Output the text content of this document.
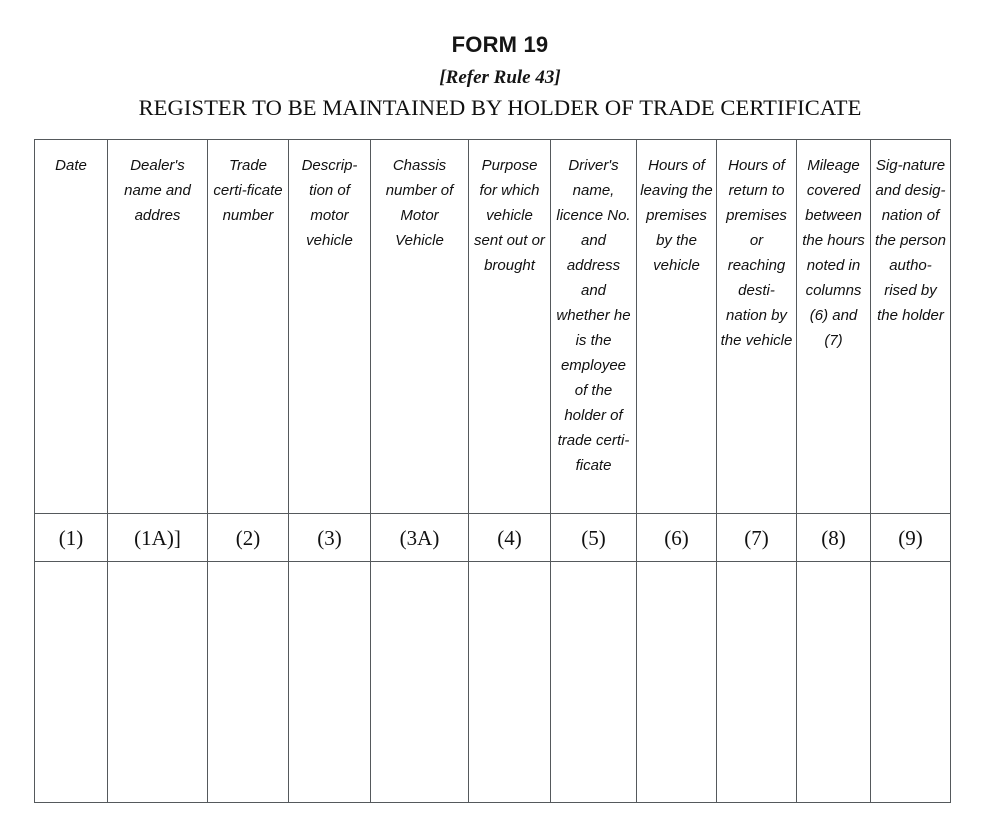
FORM 19
[Refer Rule 43]
REGISTER TO BE MAINTAINED BY HOLDER OF TRADE CERTIFICATE
Date	Dealer's name and addres	Trade certi-ficate number	Descrip-tion of motor vehicle	Chassis number of Motor Vehicle	Purpose for which vehicle sent out or brought	Driver's name, licence No. and address and whether he is the employee of the holder of trade certi-ficate	Hours of leaving the premises by the vehicle	Hours of return to premises or reaching desti-nation by the vehicle	Mileage covered between the hours noted in columns (6) and (7)	Sig-nature and desig-nation of the person autho-rised by the holder

(1)	(1A)]	(2)	(3)	(3A)	(4)	(5)	(6)	(7)	(8)	(9)
